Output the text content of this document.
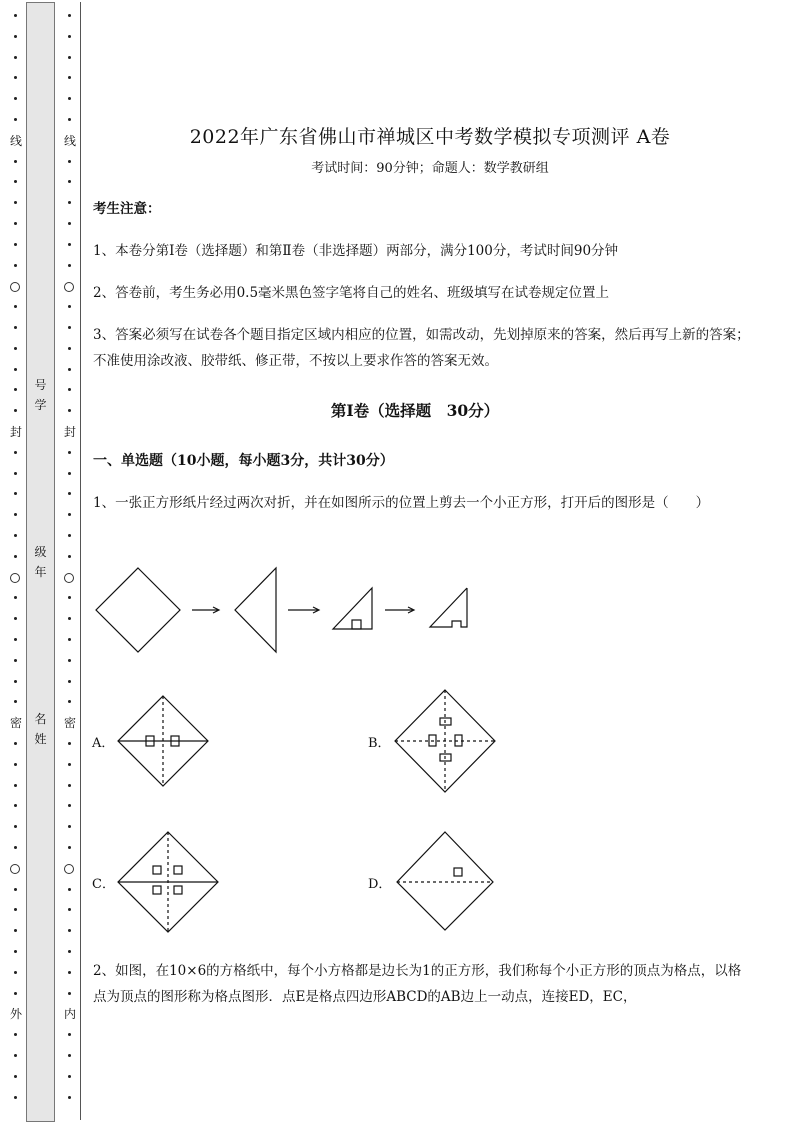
线
封
密
外
线
封
密
内
号
学
级
年
名
姓
2022年广东省佛山市禅城区中考数学模拟专项测评 A卷
考试时间：90分钟；命题人：数学教研组
考生注意：
1、本卷分第I卷（选择题）和第Ⅱ卷（非选择题）两部分，满分100分，考试时间90分钟
2、答卷前，考生务必用0.5毫米黑色签字笔将自己的姓名、班级填写在试卷规定位置上
3、答案必须写在试卷各个题目指定区域内相应的位置，如需改动，先划掉原来的答案，然后再写上新的答案；不准使用涂改液、胶带纸、修正带，不按以上要求作答的答案无效。
第I卷（选择题　30分）
一、单选题（10小题，每小题3分，共计30分）
1、一张正方形纸片经过两次对折，并在如图所示的位置上剪去一个小正方形，打开后的图形是（　　）
A．	B．
C．	D．
2、如图，在10×6的方格纸中，每个小方格都是边长为1的正方形，我们称每个小正方形的顶点为格点，以格点为顶点的图形称为格点图形．点E是格点四边形ABCD的AB边上一动点，连接ED，EC，
